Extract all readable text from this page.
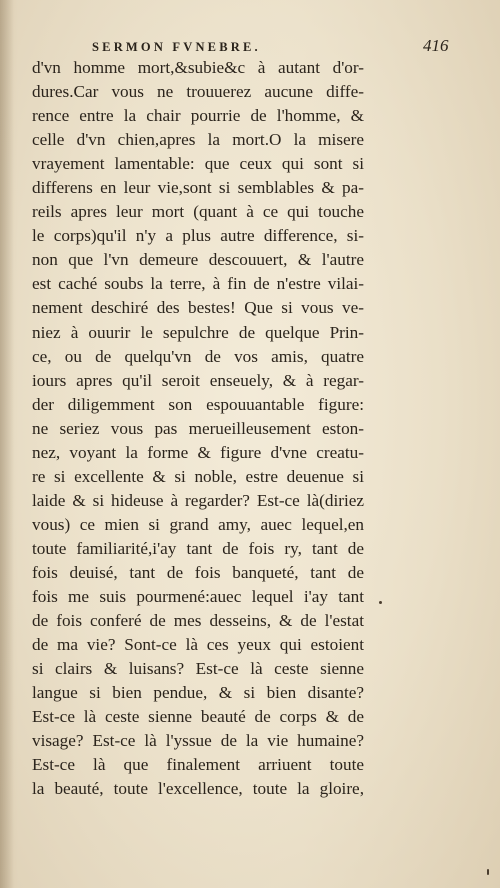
SERMON FVNEBRE.	416
d'vn homme mort,&subie&c à autant d'or-
dures.Car vous ne trouuerez aucune diffe-
rence entre la chair pourrie de l'homme, &
celle d'vn chien,apres la mort.O la misere
vrayement lamentable: que ceux qui sont si
differens en leur vie,sont si semblables & pa-
reils apres leur mort (quant à ce qui touche
le corps)qu'il n'y a plus autre difference, si-
non que l'vn demeure descouuert, & l'autre
est caché soubs la terre, à fin de n'estre vilai-
nement deschiré des bestes! Que si vous ve-
niez à ouurir le sepulchre de quelque Prin-
ce, ou de quelqu'vn de vos amis, quatre
iours apres qu'il seroit enseuely, & à regar-
der diligemment son espouuantable figure:
ne seriez vous pas merueilleusement eston-
nez, voyant la forme & figure d'vne creatu-
re si excellente & si noble, estre deuenue si
laide & si hideuse à regarder? Est-ce là(diriez
vous) ce mien si grand amy, auec lequel,en
toute familiarité,i'ay tant de fois ry, tant de
fois deuisé, tant de fois banqueté, tant de
fois me suis pourmené:auec lequel i'ay tant
de fois conferé de mes desseins, & de l'estat
de ma vie? Sont-ce là ces yeux qui estoient
si clairs & luisans? Est-ce là ceste sienne
langue si bien pendue, & si bien disante?
Est-ce là ceste sienne beauté de corps & de
visage? Est-ce là l'yssue de la vie humaine?
Est-ce là que finalement arriuent toute
la beauté, toute l'excellence, toute la gloire,
